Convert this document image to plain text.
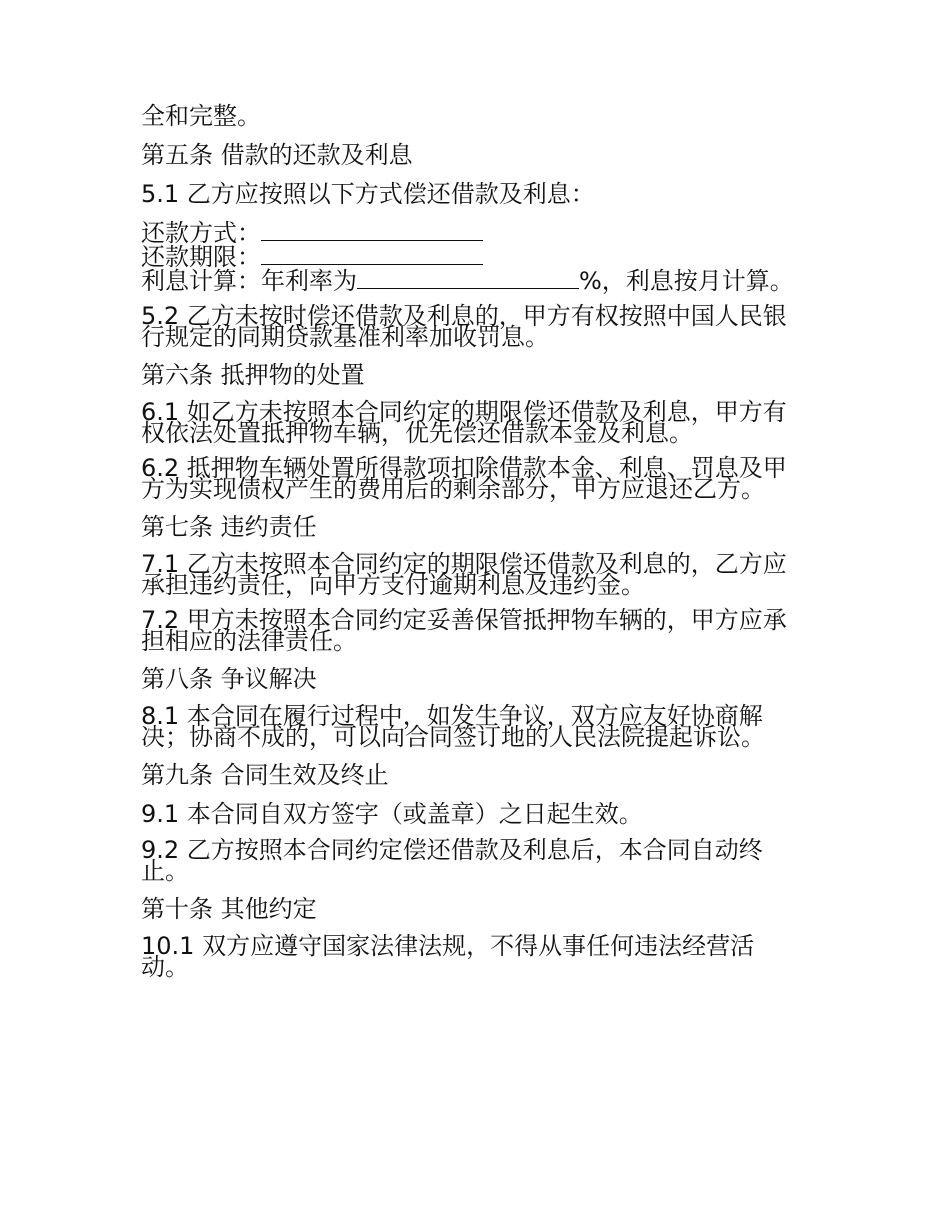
全和完整。
第五条 借款的还款及利息
5.1 乙方应按照以下方式偿还借款及利息：
还款方式：
还款期限：
利息计算：年利率为	%，利息按月计算。
5.2 乙方未按时偿还借款及利息的，甲方有权按照中国人民银
行规定的同期贷款基准利率加收罚息。
第六条 抵押物的处置
6.1 如乙方未按照本合同约定的期限偿还借款及利息，甲方有
权依法处置抵押物车辆，优先偿还借款本金及利息。
6.2 抵押物车辆处置所得款项扣除借款本金、利息、罚息及甲
方为实现债权产生的费用后的剩余部分，甲方应退还乙方。
第七条 违约责任
7.1 乙方未按照本合同约定的期限偿还借款及利息的，乙方应
承担违约责任，向甲方支付逾期利息及违约金。
7.2 甲方未按照本合同约定妥善保管抵押物车辆的，甲方应承
担相应的法律责任。
第八条 争议解决
8.1 本合同在履行过程中，如发生争议，双方应友好协商解
决；协商不成的，可以向合同签订地的人民法院提起诉讼。
第九条 合同生效及终止
9.1 本合同自双方签字（或盖章）之日起生效。
9.2 乙方按照本合同约定偿还借款及利息后，本合同自动终
止。
第十条 其他约定
10.1 双方应遵守国家法律法规，不得从事任何违法经营活
动。
